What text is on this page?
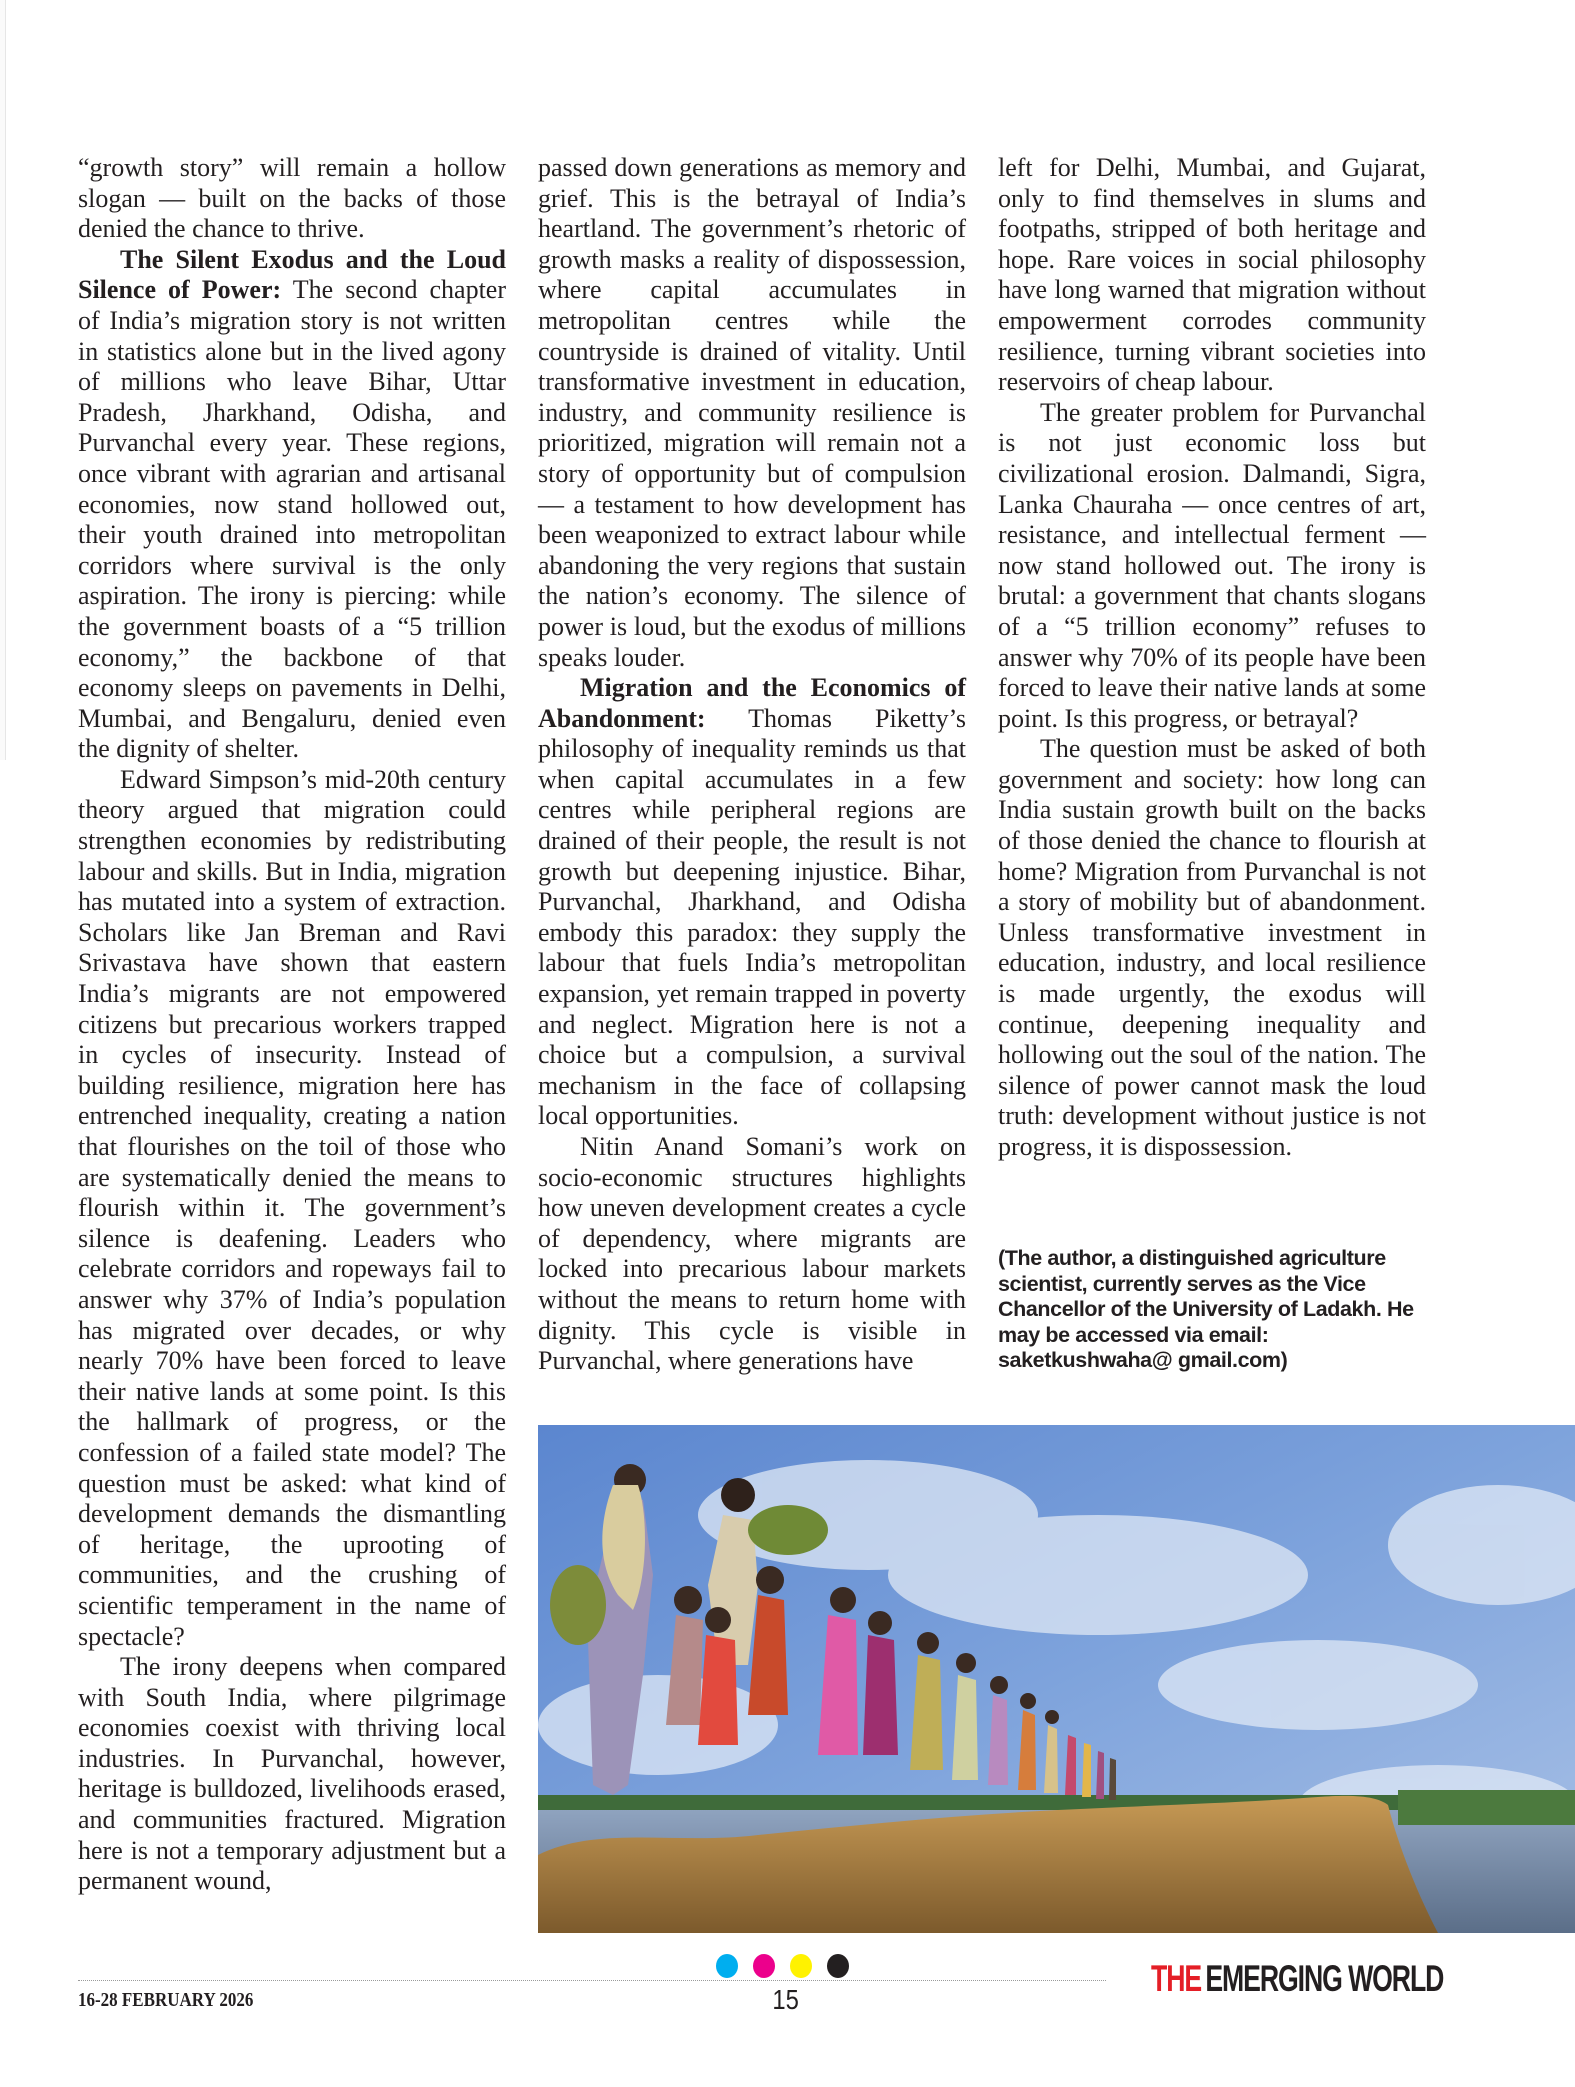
“growth story” will remain a hollow slogan — built on the backs of those denied the chance to thrive.

The Silent Exodus and the Loud Silence of Power: The second chapter of India’s migration story is not written in statistics alone but in the lived agony of millions who leave Bihar, Uttar Pradesh, Jharkhand, Odisha, and Purvanchal every year. These regions, once vibrant with agrarian and artisanal economies, now stand hollowed out, their youth drained into metropolitan corridors where survival is the only aspiration. The irony is piercing: while the government boasts of a “5 trillion economy,” the backbone of that economy sleeps on pavements in Delhi, Mumbai, and Bengaluru, denied even the dignity of shelter.

Edward Simpson’s mid-20th century theory argued that migration could strengthen economies by redistributing labour and skills. But in India, migration has mutated into a system of extraction. Scholars like Jan Breman and Ravi Srivastava have shown that eastern India’s migrants are not empowered citizens but precarious workers trapped in cycles of insecurity. Instead of building resilience, migration here has entrenched inequality, creating a nation that flourishes on the toil of those who are systematically denied the means to flourish within it. The government’s silence is deafening. Leaders who celebrate corridors and ropeways fail to answer why 37% of India’s population has migrated over decades, or why nearly 70% have been forced to leave their native lands at some point. Is this the hallmark of progress, or the confession of a failed state model? The question must be asked: what kind of development demands the dismantling of heritage, the uprooting of communities, and the crushing of scientific temperament in the name of spectacle?

The irony deepens when compared with South India, where pilgrimage economies coexist with thriving local industries. In Purvanchal, however, heritage is bulldozed, livelihoods erased, and communities fractured. Migration here is not a temporary adjustment but a permanent wound,

passed down generations as memory and grief. This is the betrayal of India’s heartland. The government’s rhetoric of growth masks a reality of dispossession, where capital accumulates in metropolitan centres while the countryside is drained of vitality. Until transformative investment in education, industry, and community resilience is prioritized, migration will remain not a story of opportunity but of compulsion — a testament to how development has been weaponized to extract labour while abandoning the very regions that sustain the nation’s economy. The silence of power is loud, but the exodus of millions speaks louder.

Migration and the Economics of Abandonment: Thomas Piketty’s philosophy of inequality reminds us that when capital accumulates in a few centres while peripheral regions are drained of their people, the result is not growth but deepening injustice. Bihar, Purvanchal, Jharkhand, and Odisha embody this paradox: they supply the labour that fuels India’s metropolitan expansion, yet remain trapped in poverty and neglect. Migration here is not a choice but a compulsion, a survival mechanism in the face of collapsing local opportunities.

Nitin Anand Somani’s work on socio-economic structures highlights how uneven development creates a cycle of dependency, where migrants are locked into precarious labour markets without the means to return home with dignity. This cycle is visible in Purvanchal, where generations have

left for Delhi, Mumbai, and Gujarat, only to find themselves in slums and footpaths, stripped of both heritage and hope. Rare voices in social philosophy have long warned that migration without empowerment corrodes community resilience, turning vibrant societies into reservoirs of cheap labour.

The greater problem for Purvanchal is not just economic loss but civilizational erosion. Dalmandi, Sigra, Lanka Chauraha — once centres of art, resistance, and intellectual ferment — now stand hollowed out. The irony is brutal: a government that chants slogans of a “5 trillion economy” refuses to answer why 70% of its people have been forced to leave their native lands at some point. Is this progress, or betrayal?

The question must be asked of both government and society: how long can India sustain growth built on the backs of those denied the chance to flourish at home? Migration from Purvanchal is not a story of mobility but of abandonment. Unless transformative investment in education, industry, and local resilience is made urgently, the exodus will continue, deepening inequality and hollowing out the soul of the nation. The silence of power cannot mask the loud truth: development without justice is not progress, it is dispossession.

(The author, a distinguished agriculture scientist, currently serves as the Vice Chancellor of the University of Ladakh. He may be accessed via email: saketkushwaha@ gmail.com)
16-28 FEBRUARY 2026	15
THE EMERGING WORLD
